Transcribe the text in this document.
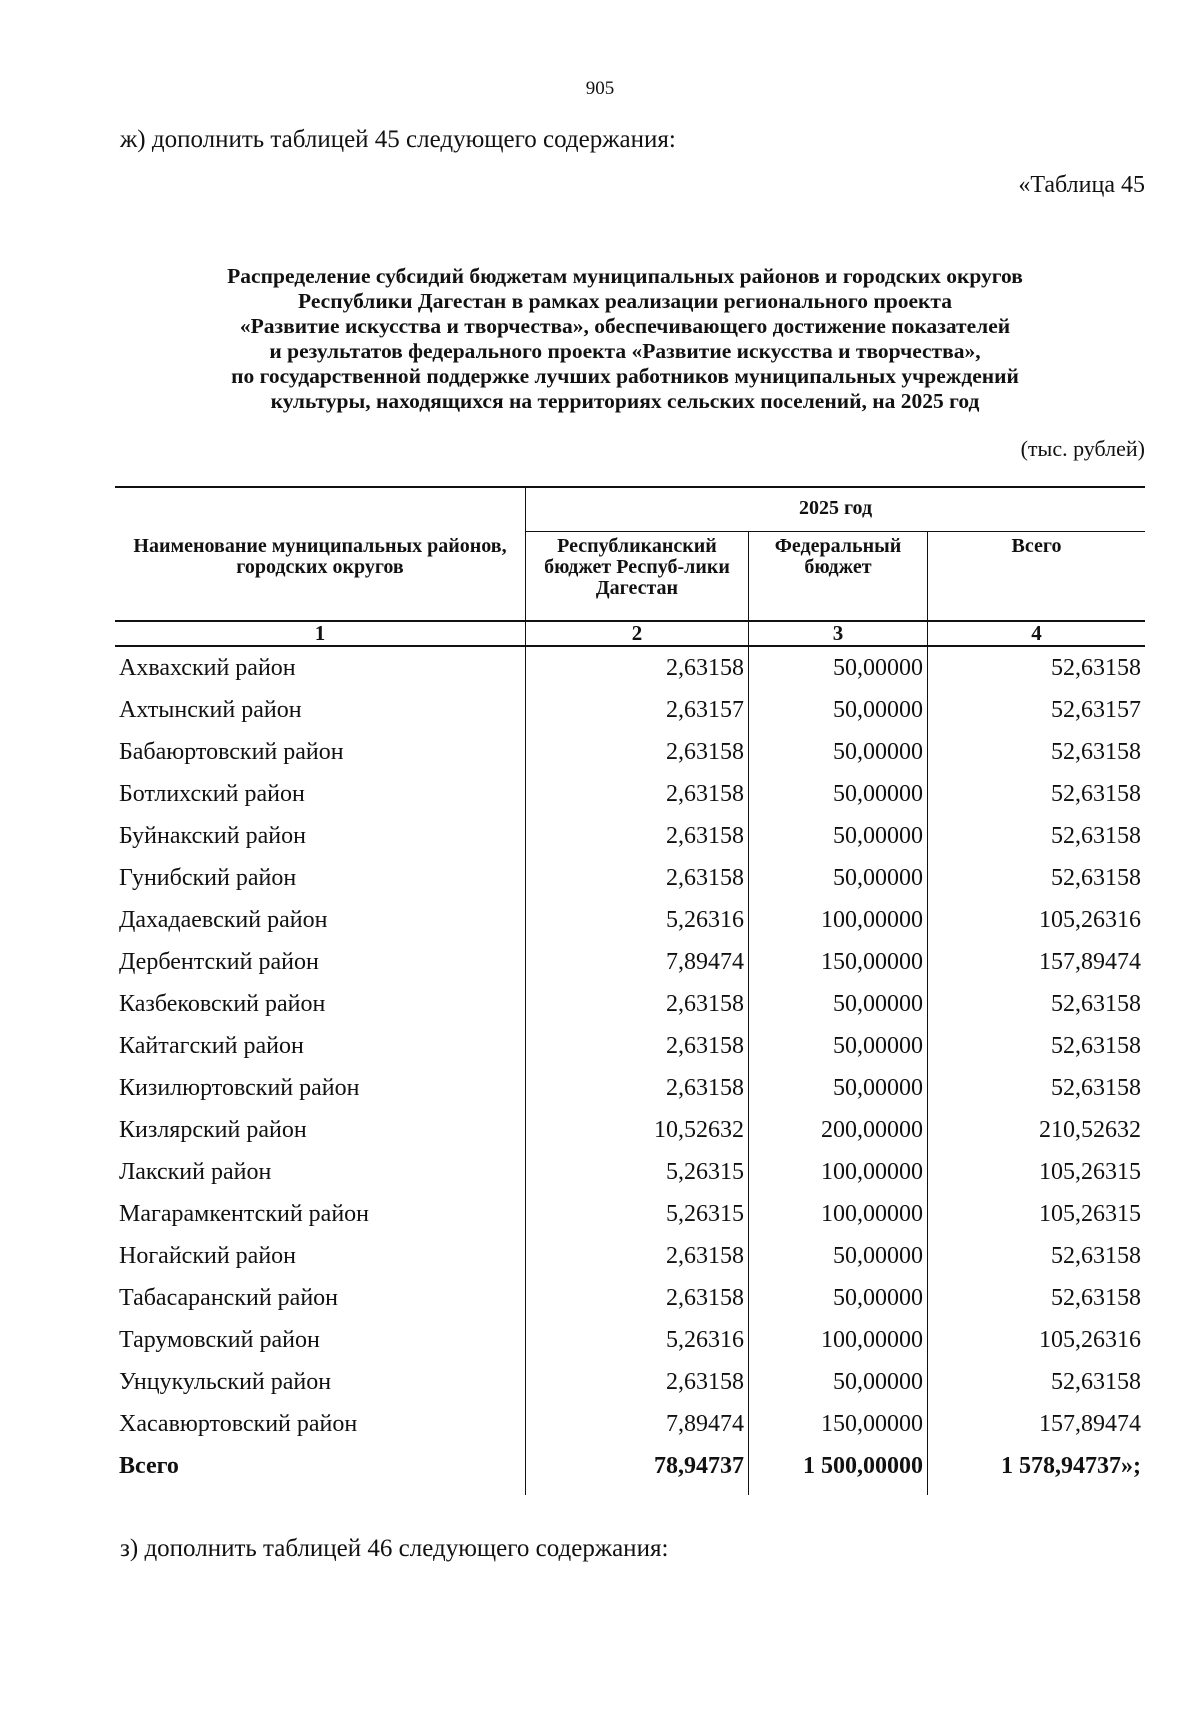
905
ж) дополнить таблицей 45 следующего содержания:
«Таблица 45
Распределение субсидий бюджетам муниципальных районов и городских округов
Республики Дагестан в рамках реализации регионального проекта
«Развитие искусства и творчества», обеспечивающего достижение показателей
и результатов федерального проекта «Развитие искусства и творчества»,
по государственной поддержке лучших работников муниципальных учреждений
культуры, находящихся на территориях сельских поселений, на 2025 год
(тыс. рублей)
Наименование муниципальных районов, городских округов	2025 год		
	Республиканский бюджет Респуб-лики Дагестан	Федеральный бюджет	Всего
1	2	3	4
Ахвахский район	2,63158	50,00000	52,63158
Ахтынский район	2,63157	50,00000	52,63157
Бабаюртовский район	2,63158	50,00000	52,63158
Ботлихский район	2,63158	50,00000	52,63158
Буйнакский район	2,63158	50,00000	52,63158
Гунибский район	2,63158	50,00000	52,63158
Дахадаевский район	5,26316	100,00000	105,26316
Дербентский район	7,89474	150,00000	157,89474
Казбековский район	2,63158	50,00000	52,63158
Кайтагский район	2,63158	50,00000	52,63158
Кизилюртовский район	2,63158	50,00000	52,63158
Кизлярский район	10,52632	200,00000	210,52632
Лакский район	5,26315	100,00000	105,26315
Магарамкентский район	5,26315	100,00000	105,26315
Ногайский район	2,63158	50,00000	52,63158
Табасаранский район	2,63158	50,00000	52,63158
Тарумовский район	5,26316	100,00000	105,26316
Унцукульский район	2,63158	50,00000	52,63158
Хасавюртовский район	7,89474	150,00000	157,89474
Всего	78,94737	1 500,00000	1 578,94737»;
з) дополнить таблицей 46 следующего содержания:
